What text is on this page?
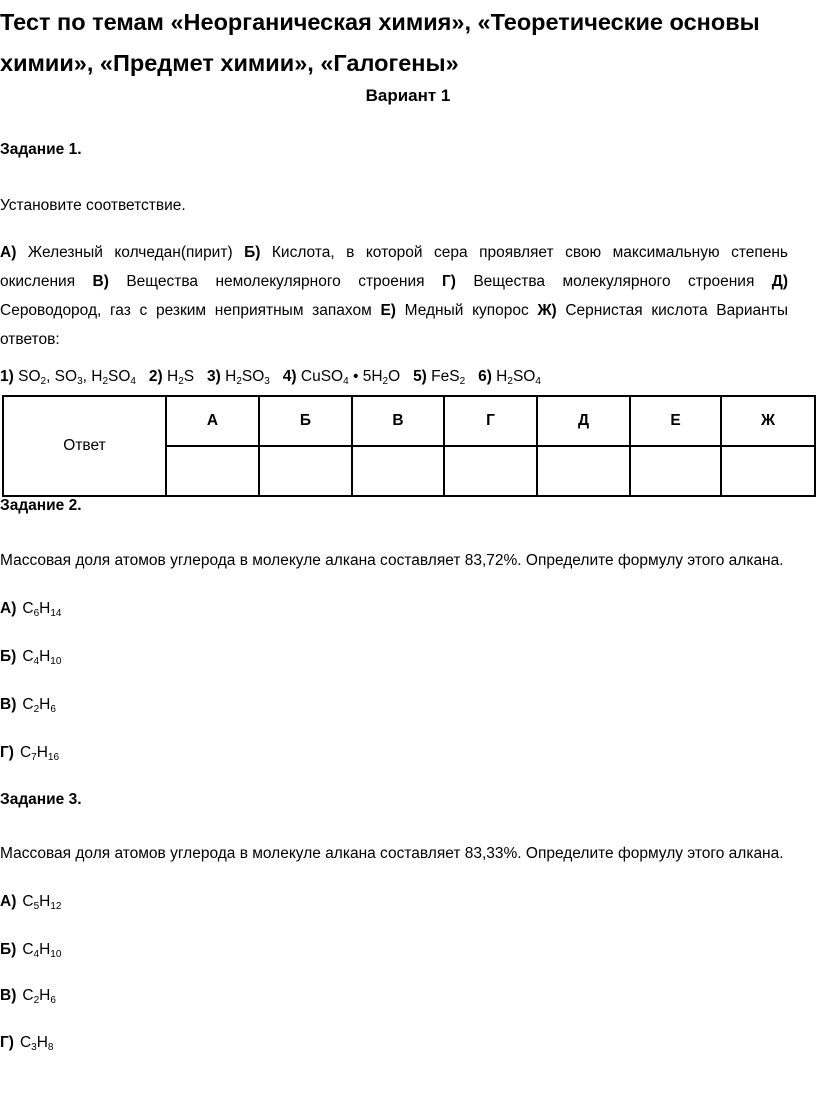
Тест по темам «Неорганическая химия», «Теоретические основы химии», «Предмет химии», «Галогены»
Вариант 1
Задание 1.
Установите соответствие.
А) Железный колчедан(пирит) Б) Кислота, в которой сера проявляет свою максимальную степень
окисления В) Вещества немолекулярного строения Г) Вещества молекулярного строения Д)
Сероводород, газ с резким неприятным запахом Е) Медный купорос Ж) Сернистая кислота Варианты
ответов:
1) $SO_2$, $SO_3$, $H_2SO_4$ 2) $H_2S$   3) $H_2SO_3$ 4) CuSO$_4$ • $5H_2O$   5) FeS$_2$ 6) $H_2SO_4$
Ответ	А	Б	В	Г	Д	Е	Ж

Задание 2.
Массовая доля атомов углерода в молекуле алкана составляет 83,72%. Определите формулу этого алкана.
А) $C_6H_{14}$
Б) $C_4H_{10}$
В) $C_2H_6$
Г) $C_7H_{16}$
Задание 3.
Массовая доля атомов углерода в молекуле алкана составляет 83,33%. Определите формулу этого алкана.
А) $C_5H_{12}$
Б) $C_4H_{10}$
В) $C_2H_6$
Г) $C_3H_8$
